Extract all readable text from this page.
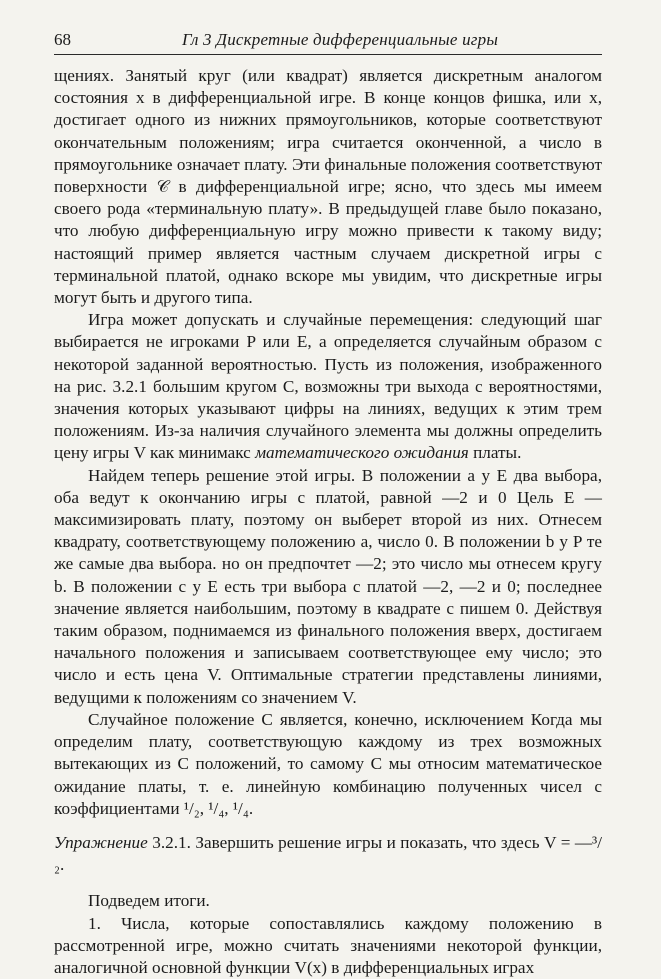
68	Гл 3 Дискретные дифференциальные игры

щениях. Занятый круг (или квадрат) является дискретным аналогом состояния x в дифференциальной игре. В конце концов фишка, или x, достигает одного из нижних прямоугольников, которые соответствуют окончательным положениям; игра считается оконченной, а число в прямоугольнике означает плату. Эти финальные положения соответствуют поверхности 𝒞 в дифференциальной игре; ясно, что здесь мы имеем своего рода «терминальную плату». В предыдущей главе было показано, что любую дифференциальную игру можно привести к такому виду; настоящий пример является частным случаем дискретной игры с терминальной платой, однако вскоре мы увидим, что дискретные игры могут быть и другого типа.

Игра может допускать и случайные перемещения: следующий шаг выбирается не игроками P или E, а определяется случайным образом с некоторой заданной вероятностью. Пусть из положения, изображенного на рис. 3.2.1 большим кругом C, возможны три выхода с вероятностями, значения которых указывают цифры на линиях, ведущих к этим трем положениям. Из-за наличия случайного элемента мы должны определить цену игры V как минимакс математического ожидания платы.

Найдем теперь решение этой игры. В положении a у E два выбора, оба ведут к окончанию игры с платой, равной —2 и 0 Цель E — максимизировать плату, поэтому он выберет второй из них. Отнесем квадрату, соответствующему положению a, число 0. В положении b у P те же самые два выбора. но он предпочтет —2; это число мы отнесем кругу b. В положении c у E есть три выбора с платой —2, —2 и 0; последнее значение является наибольшим, поэтому в квадрате c пишем 0. Действуя таким образом, поднимаемся из финального положения вверх, достигаем начального положения и записываем соответствующее ему число; это число и есть цена V. Оптимальные стратегии представлены линиями, ведущими к положениям со значением V.

Случайное положение C является, конечно, исключением Когда мы определим плату, соответствующую каждому из трех возможных вытекающих из C положений, то самому C мы относим математическое ожидание платы, т. е. линейную комбинацию полученных чисел с коэффициентами ¹/₂, ¹/₄, ¹/₄.

Упражнение 3.2.1. Завершить решение игры и показать, что здесь V = —³/₂.

Подведем итоги.

1. Числа, которые сопоставлялись каждому положению в рассмотренной игре, можно считать значениями некоторой функции, аналогичной основной функции V(x) в дифференциальных играх
